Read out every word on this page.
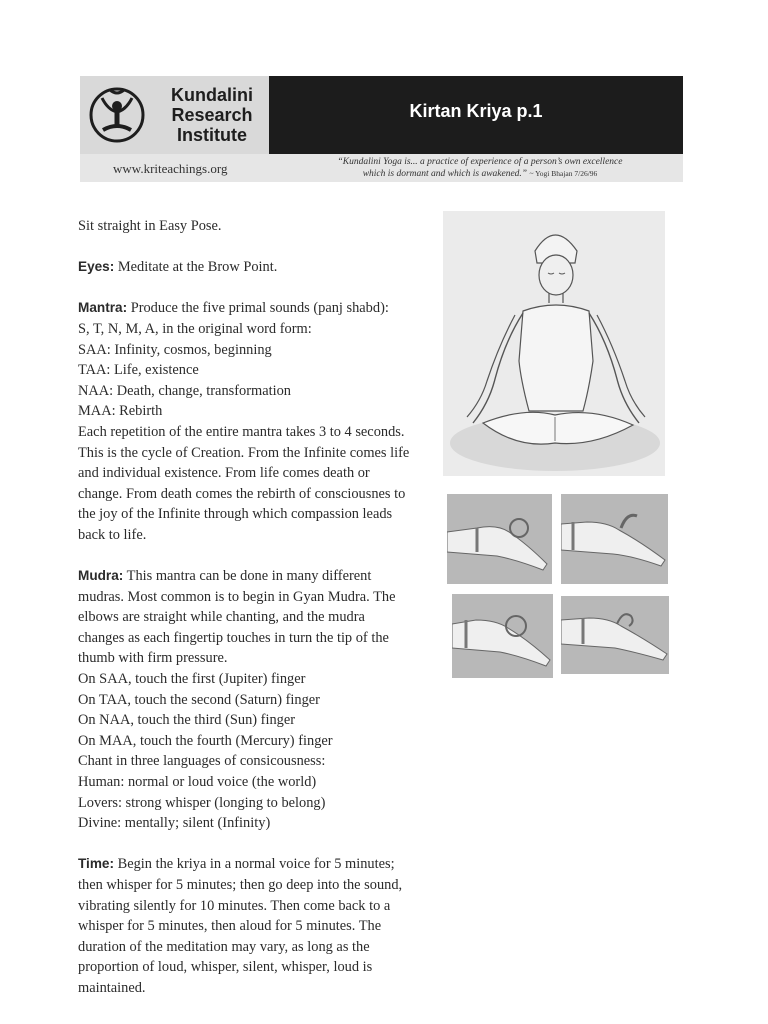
Kundalini Research Institute
Kirtan Kriya p.1
www.kriteachings.org	“Kundalini Yoga is... a practice of experience of a person’s own excellence which is dormant and which is awakened.” ~ Yogi Bhajan 7/26/96

Sit straight in Easy Pose.

Eyes: Meditate at the Brow Point.

Mantra: Produce the five primal sounds (panj shabd):

S, T, N, M, A, in the original word form:

SAA: Infinity, cosmos, beginning

TAA: Life, existence

NAA: Death, change, transformation

MAA: Rebirth

Each repetition of the entire mantra takes 3 to 4 seconds.

This is the cycle of Creation. From the Infinite comes life

and individual existence. From life comes death or

change. From death comes the rebirth of consciousnes to

the joy of the Infinite through which compassion leads

back to life.

Mudra: This mantra can be done in many different

mudras. Most common is to begin in Gyan Mudra. The

elbows are straight while chanting, and the mudra

changes as each fingertip touches in turn the tip of the

thumb with firm pressure.

On SAA, touch the first (Jupiter) finger

On TAA, touch the second (Saturn) finger

On NAA, touch the third (Sun) finger

On MAA, touch the fourth (Mercury) finger

Chant in three languages of consicousness:

Human: normal or loud voice (the world)

Lovers: strong whisper (longing to belong)

Divine: mentally; silent (Infinity)

Time: Begin the kriya in a normal voice for 5 minutes;

then whisper for 5 minutes; then go deep into the sound,

vibrating silently for 10 minutes. Then come back to a

whisper for 5 minutes, then aloud for 5 minutes. The

duration of the meditation may vary, as long as the

proportion of loud, whisper, silent, whisper, loud is

maintained.
